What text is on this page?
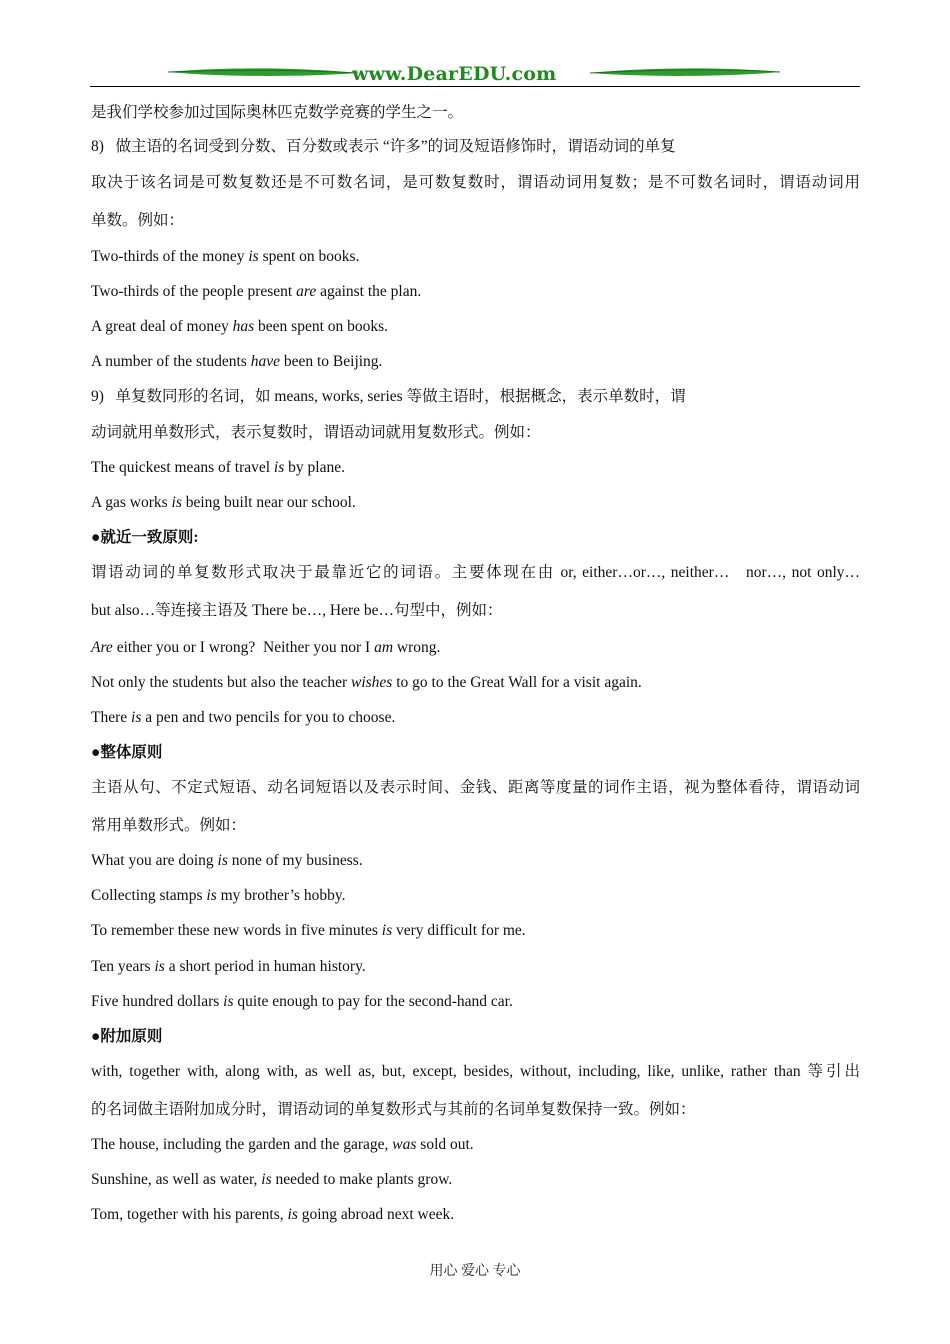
www.DearEDU.com
是我们学校参加过国际奥林匹克数学竞赛的学生之一。
8)   做主语的名词受到分数、百分数或表示 “许多”的词及短语修饰时，谓语动词的单复
取决于该名词是可数复数还是不可数名词，是可数复数时，谓语动词用复数；是不可数名词时，谓语动词用
单数。例如：
Two-thirds of the money is spent on books.
Two-thirds of the people present are against the plan.
A great deal of money has been spent on books.
A number of the students have been to Beijing.
9)   单复数同形的名词，如 means, works, series 等做主语时，根据概念，表示单数时，谓
动词就用单数形式，表示复数时，谓语动词就用复数形式。例如：
The quickest means of travel is by plane.
A gas works is being built near our school.
●就近一致原则:
谓语动词的单复数形式取决于最靠近它的词语。主要体现在由 or, either…or…, neither…   nor…, not only…
but also…等连接主语及 There be…, Here be…句型中，例如：
Are either you or I wrong?  Neither you nor I am wrong.
Not only the students but also the teacher wishes to go to the Great Wall for a visit again.
There is a pen and two pencils for you to choose.
●整体原则
主语从句、不定式短语、动名词短语以及表示时间、金钱、距离等度量的词作主语，视为整体看待，谓语动词
常用单数形式。例如：
What you are doing is none of my business.
Collecting stamps is my brother’s hobby.
To remember these new words in five minutes is very difficult for me.
Ten years is a short period in human history.
Five hundred dollars is quite enough to pay for the second-hand car.
●附加原则
with, together with, along with, as well as, but, except, besides, without, including, like, unlike, rather than 等引出
的名词做主语附加成分时，谓语动词的单复数形式与其前的名词单复数保持一致。例如：
The house, including the garden and the garage, was sold out.
Sunshine, as well as water, is needed to make plants grow.
Tom, together with his parents, is going abroad next week.
用心 爱心 专心
